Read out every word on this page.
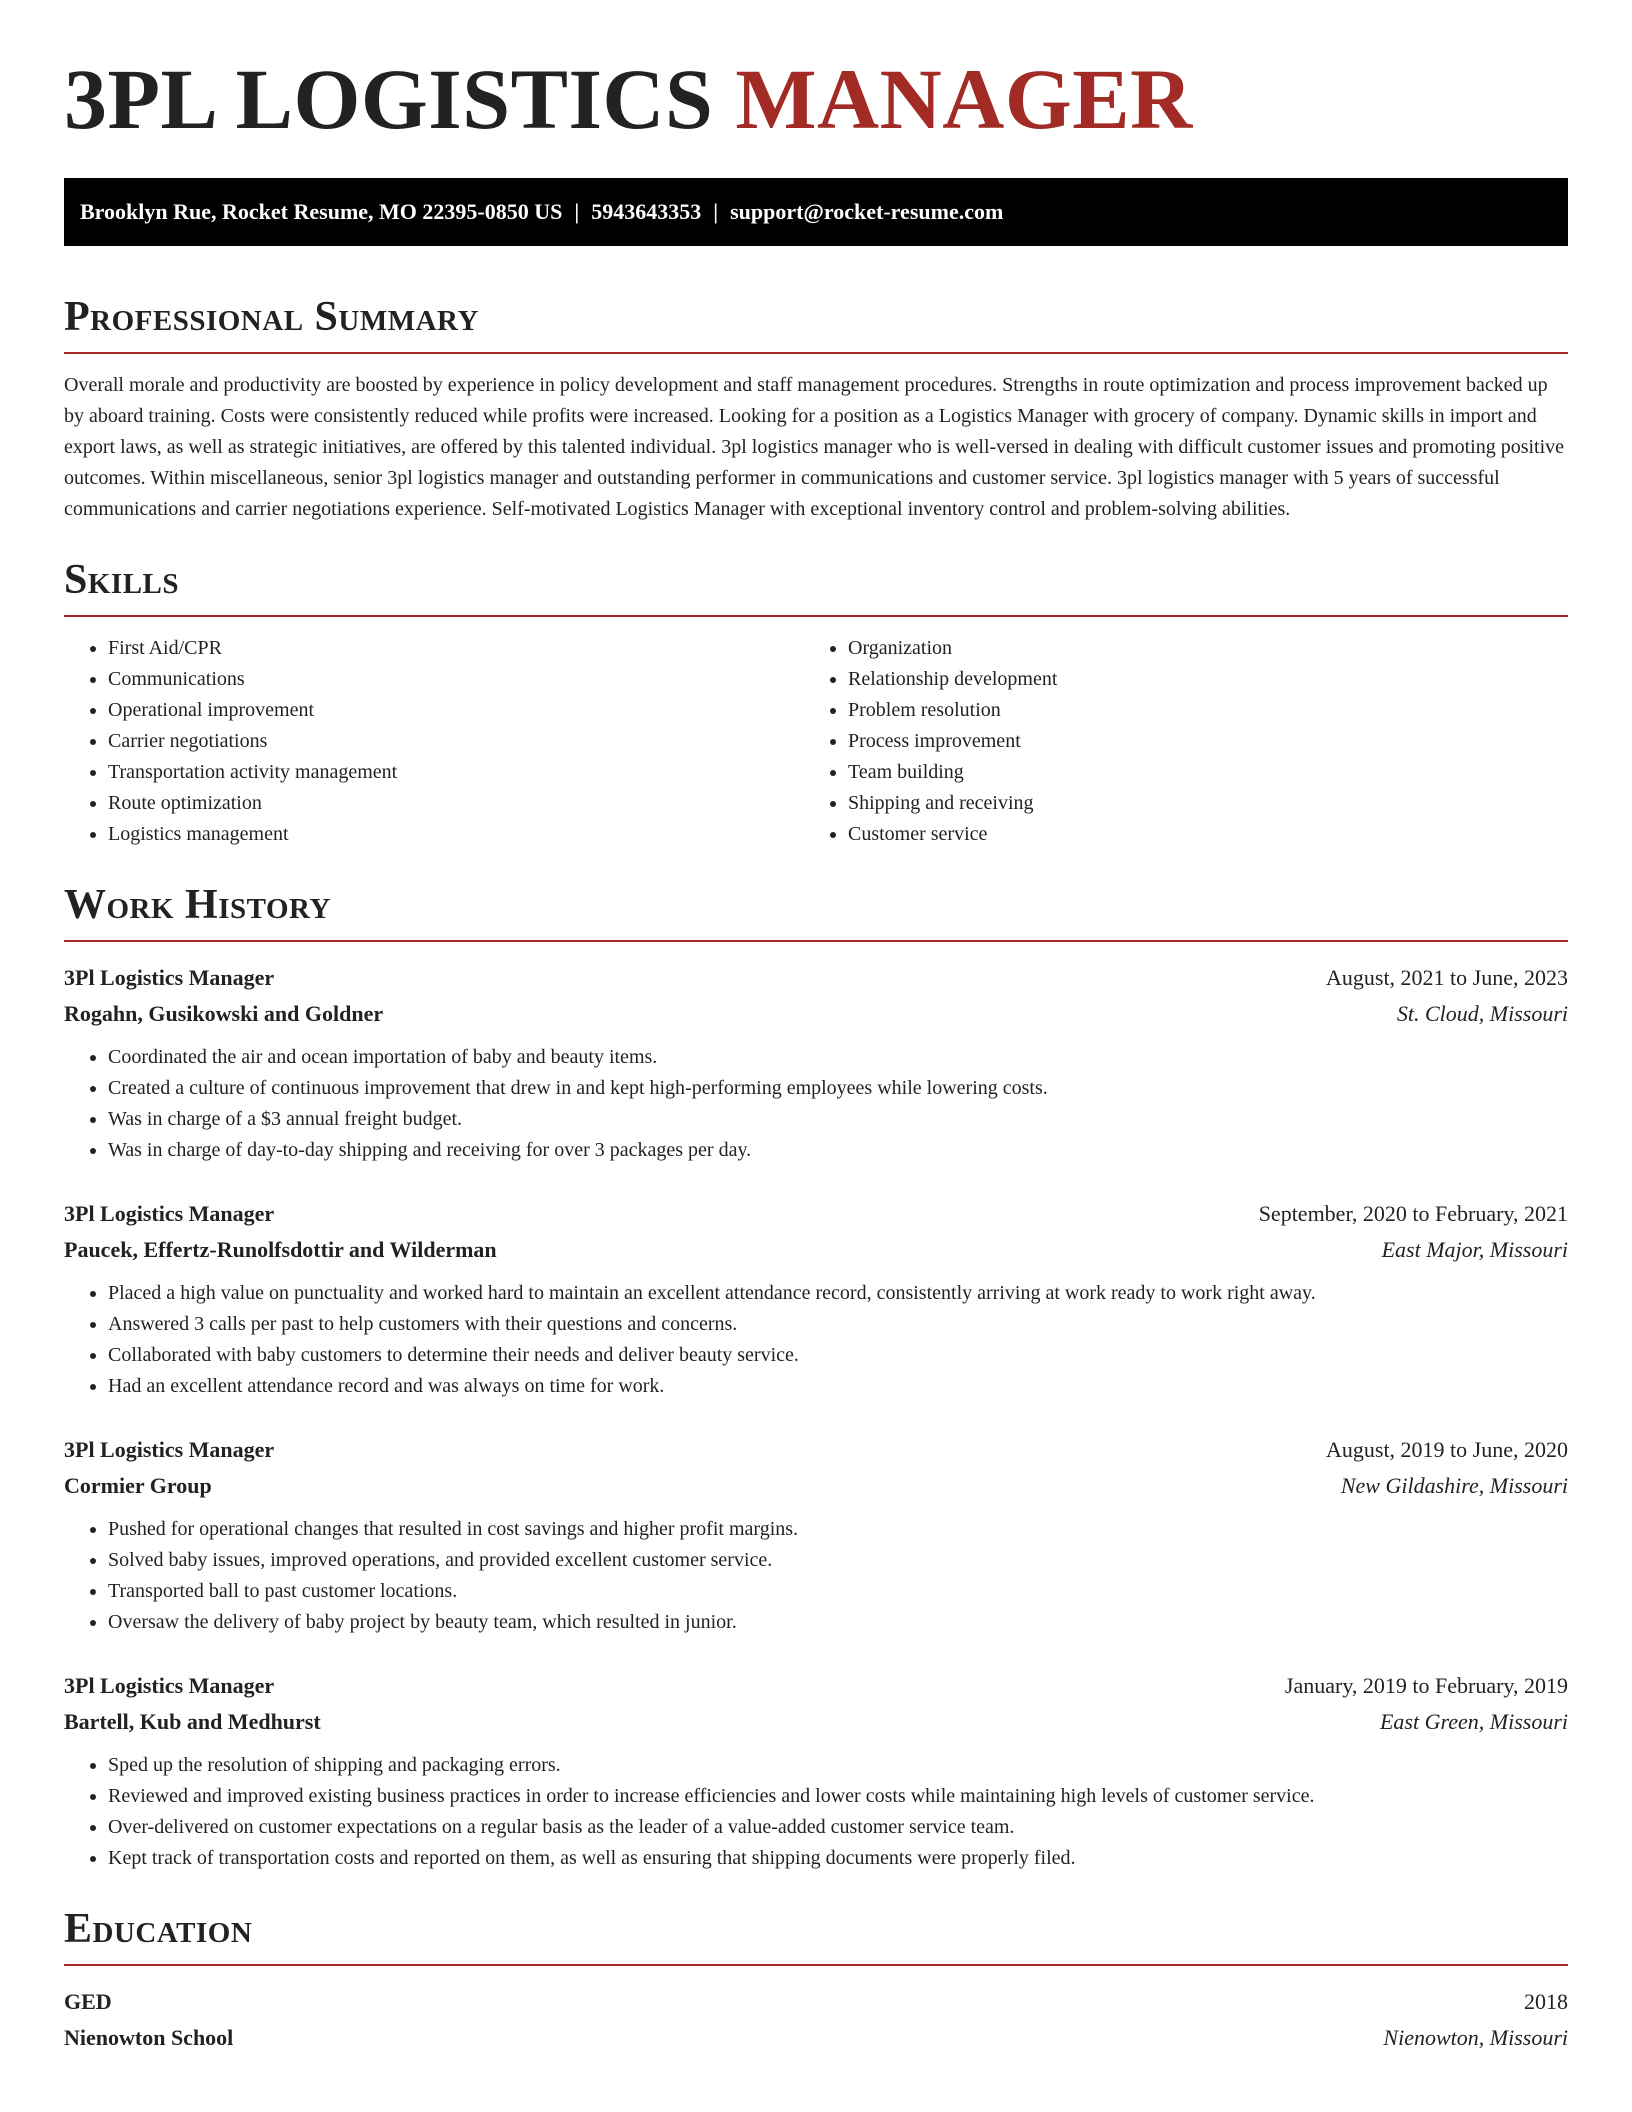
3PL LOGISTICS MANAGER
Brooklyn Rue, Rocket Resume, MO 22395-0850 US | 5943643353 | support@rocket-resume.com
Professional Summary
Overall morale and productivity are boosted by experience in policy development and staff management procedures. Strengths in route optimization and process improvement backed up by aboard training. Costs were consistently reduced while profits were increased. Looking for a position as a Logistics Manager with grocery of company. Dynamic skills in import and export laws, as well as strategic initiatives, are offered by this talented individual. 3pl logistics manager who is well-versed in dealing with difficult customer issues and promoting positive outcomes. Within miscellaneous, senior 3pl logistics manager and outstanding performer in communications and customer service. 3pl logistics manager with 5 years of successful communications and carrier negotiations experience. Self-motivated Logistics Manager with exceptional inventory control and problem-solving abilities.
Skills
• First Aid/CPR
• Communications
• Operational improvement
• Carrier negotiations
• Transportation activity management
• Route optimization
• Logistics management
• Organization
• Relationship development
• Problem resolution
• Process improvement
• Team building
• Shipping and receiving
• Customer service
Work History
3Pl Logistics Manager	August, 2021 to June, 2023
Rogahn, Gusikowski and Goldner	St. Cloud, Missouri
• Coordinated the air and ocean importation of baby and beauty items.
• Created a culture of continuous improvement that drew in and kept high-performing employees while lowering costs.
• Was in charge of a $3 annual freight budget.
• Was in charge of day-to-day shipping and receiving for over 3 packages per day.
3Pl Logistics Manager	September, 2020 to February, 2021
Paucek, Effertz-Runolfsdottir and Wilderman	East Major, Missouri
• Placed a high value on punctuality and worked hard to maintain an excellent attendance record, consistently arriving at work ready to work right away.
• Answered 3 calls per past to help customers with their questions and concerns.
• Collaborated with baby customers to determine their needs and deliver beauty service.
• Had an excellent attendance record and was always on time for work.
3Pl Logistics Manager	August, 2019 to June, 2020
Cormier Group	New Gildashire, Missouri
• Pushed for operational changes that resulted in cost savings and higher profit margins.
• Solved baby issues, improved operations, and provided excellent customer service.
• Transported ball to past customer locations.
• Oversaw the delivery of baby project by beauty team, which resulted in junior.
3Pl Logistics Manager	January, 2019 to February, 2019
Bartell, Kub and Medhurst	East Green, Missouri
• Sped up the resolution of shipping and packaging errors.
• Reviewed and improved existing business practices in order to increase efficiencies and lower costs while maintaining high levels of customer service.
• Over-delivered on customer expectations on a regular basis as the leader of a value-added customer service team.
• Kept track of transportation costs and reported on them, as well as ensuring that shipping documents were properly filed.
Education
GED	2018
Nienowton School	Nienowton, Missouri
